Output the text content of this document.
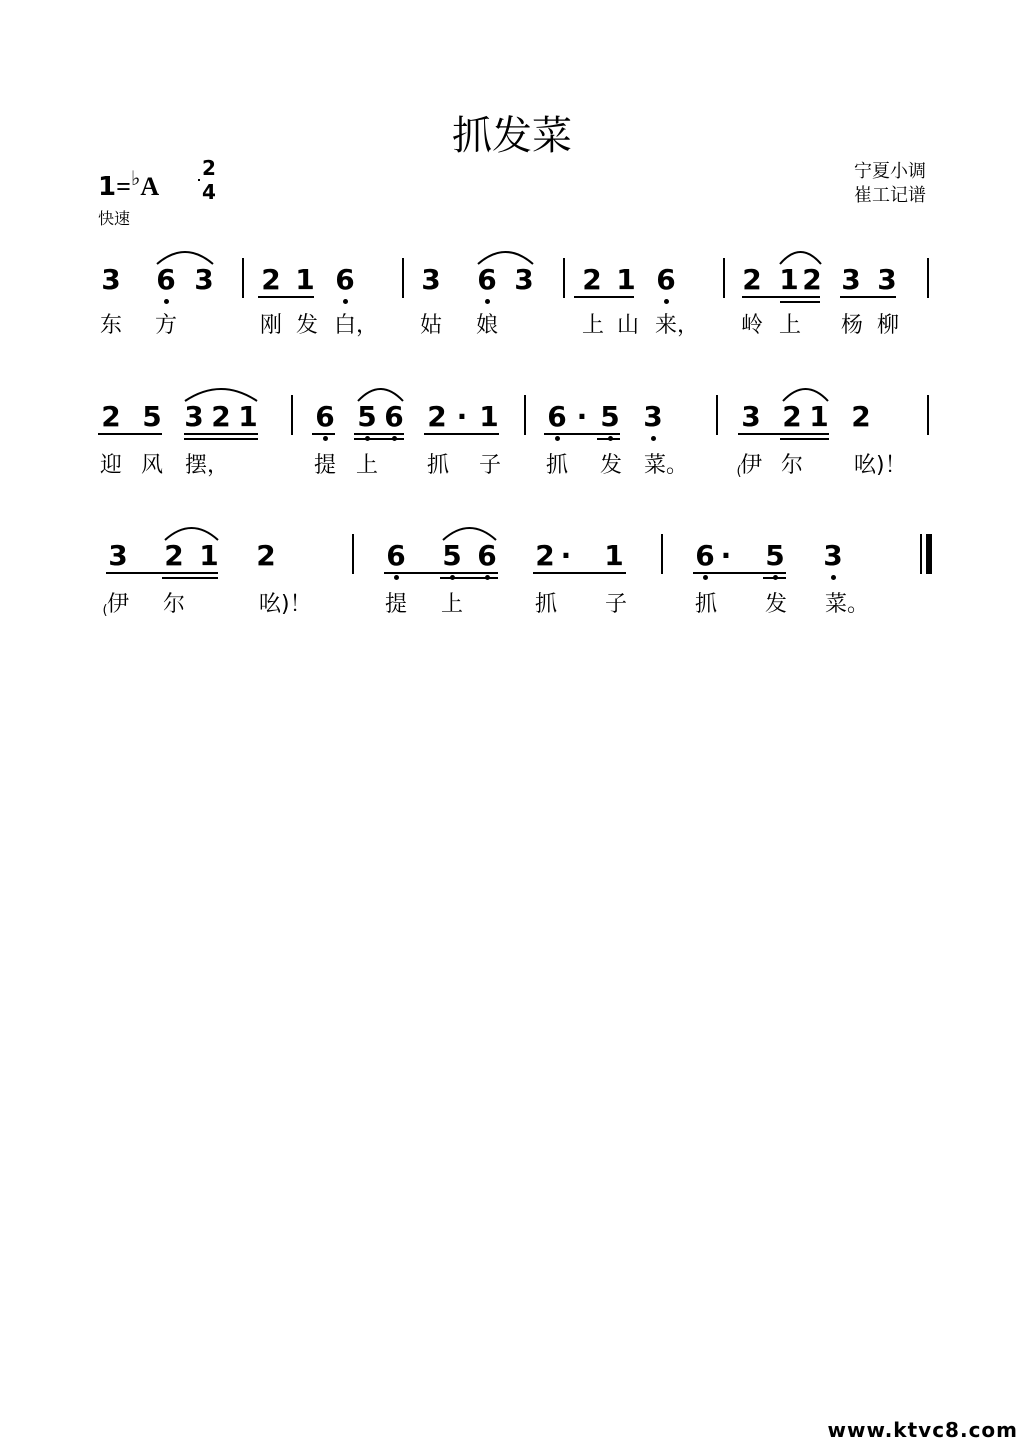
抓发菜
1=♭A
2
4
快速
宁夏小调
崔工记谱
3 6 3 2 1 6 3 6 3 2 1 6 2 1 2 3 3
东	方	刚 发 白，	姑	娘	上 山 来，	岭 上	杨 柳
2 5 3 2 1 6 5 6 2 · 1 6 · 5 3	3 2 1 2
迎 风 摆，	提 上	抓	子	抓	发 菜。	伊 尔	吆)！
(
3 2 1 2	6 5 6 2 · 1	6 · 5 3
伊	尔	吆)！	提	上	抓	子	抓	发	菜。
(
www.ktvc8.com
